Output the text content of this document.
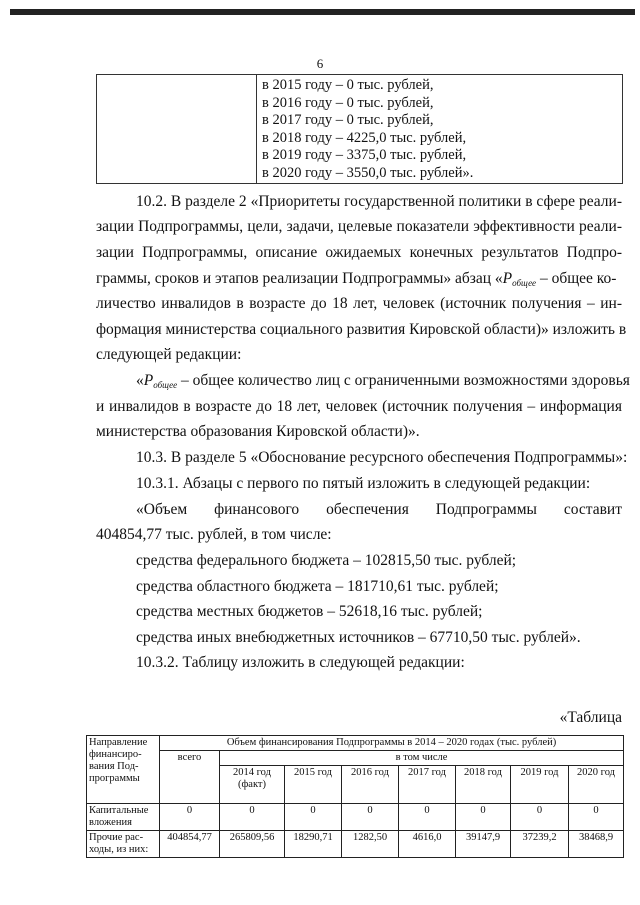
6
в 2015 году – 0 тыс. рублей,
в 2016 году – 0 тыс. рублей,
в 2017 году – 0 тыс. рублей,
в 2018 году – 4225,0 тыс. рублей,
в 2019 году – 3375,0 тыс. рублей,
в 2020 году – 3550,0 тыс. рублей».
10.2. В разделе 2 «Приоритеты государственной политики в сфере реали-
зации Подпрограммы, цели, задачи, целевые показатели эффективности реали-
зации Подпрограммы, описание ожидаемых конечных результатов Подпро-
граммы, сроков и этапов реализации Подпрограммы» абзац «$Р_{общее}$ – общее ко-
личество инвалидов в возрасте до 18 лет, человек (источник получения – ин-
формация министерства социального развития Кировской области)» изложить в
следующей редакции:
«$Р_{общее}$ – общее количество лиц с ограниченными возможностями здоровья
и инвалидов в возрасте до 18 лет, человек (источник получения – информация
министерства образования Кировской области)».
10.3. В разделе 5 «Обоснование ресурсного обеспечения Подпрограммы»:
10.3.1. Абзацы с первого по пятый изложить в следующей редакции:
«Объем финансового обеспечения Подпрограммы составит
404854,77 тыс. рублей, в том числе:
средства федерального бюджета – 102815,50 тыс. рублей;
средства областного бюджета – 181710,61 тыс. рублей;
средства местных бюджетов – 52618,16 тыс. рублей;
средства иных внебюджетных источников – 67710,50 тыс. рублей».
10.3.2. Таблицу изложить в следующей редакции:
«Таблица
Направление финансиро-вания Под-программы	Объем финансирования Подпрограммы в 2014 – 2020 годах (тыс. рублей)							
	всего	в том числе						
		2014 год (факт)	2015 год	2016 год	2017 год	2018 год	2019 год	2020 год
Капитальные вложения	0	0	0	0	0	0	0	0
Прочие рас-ходы, из них:	404854,77	265809,56	18290,71	1282,50	4616,0	39147,9	37239,2	38468,9
